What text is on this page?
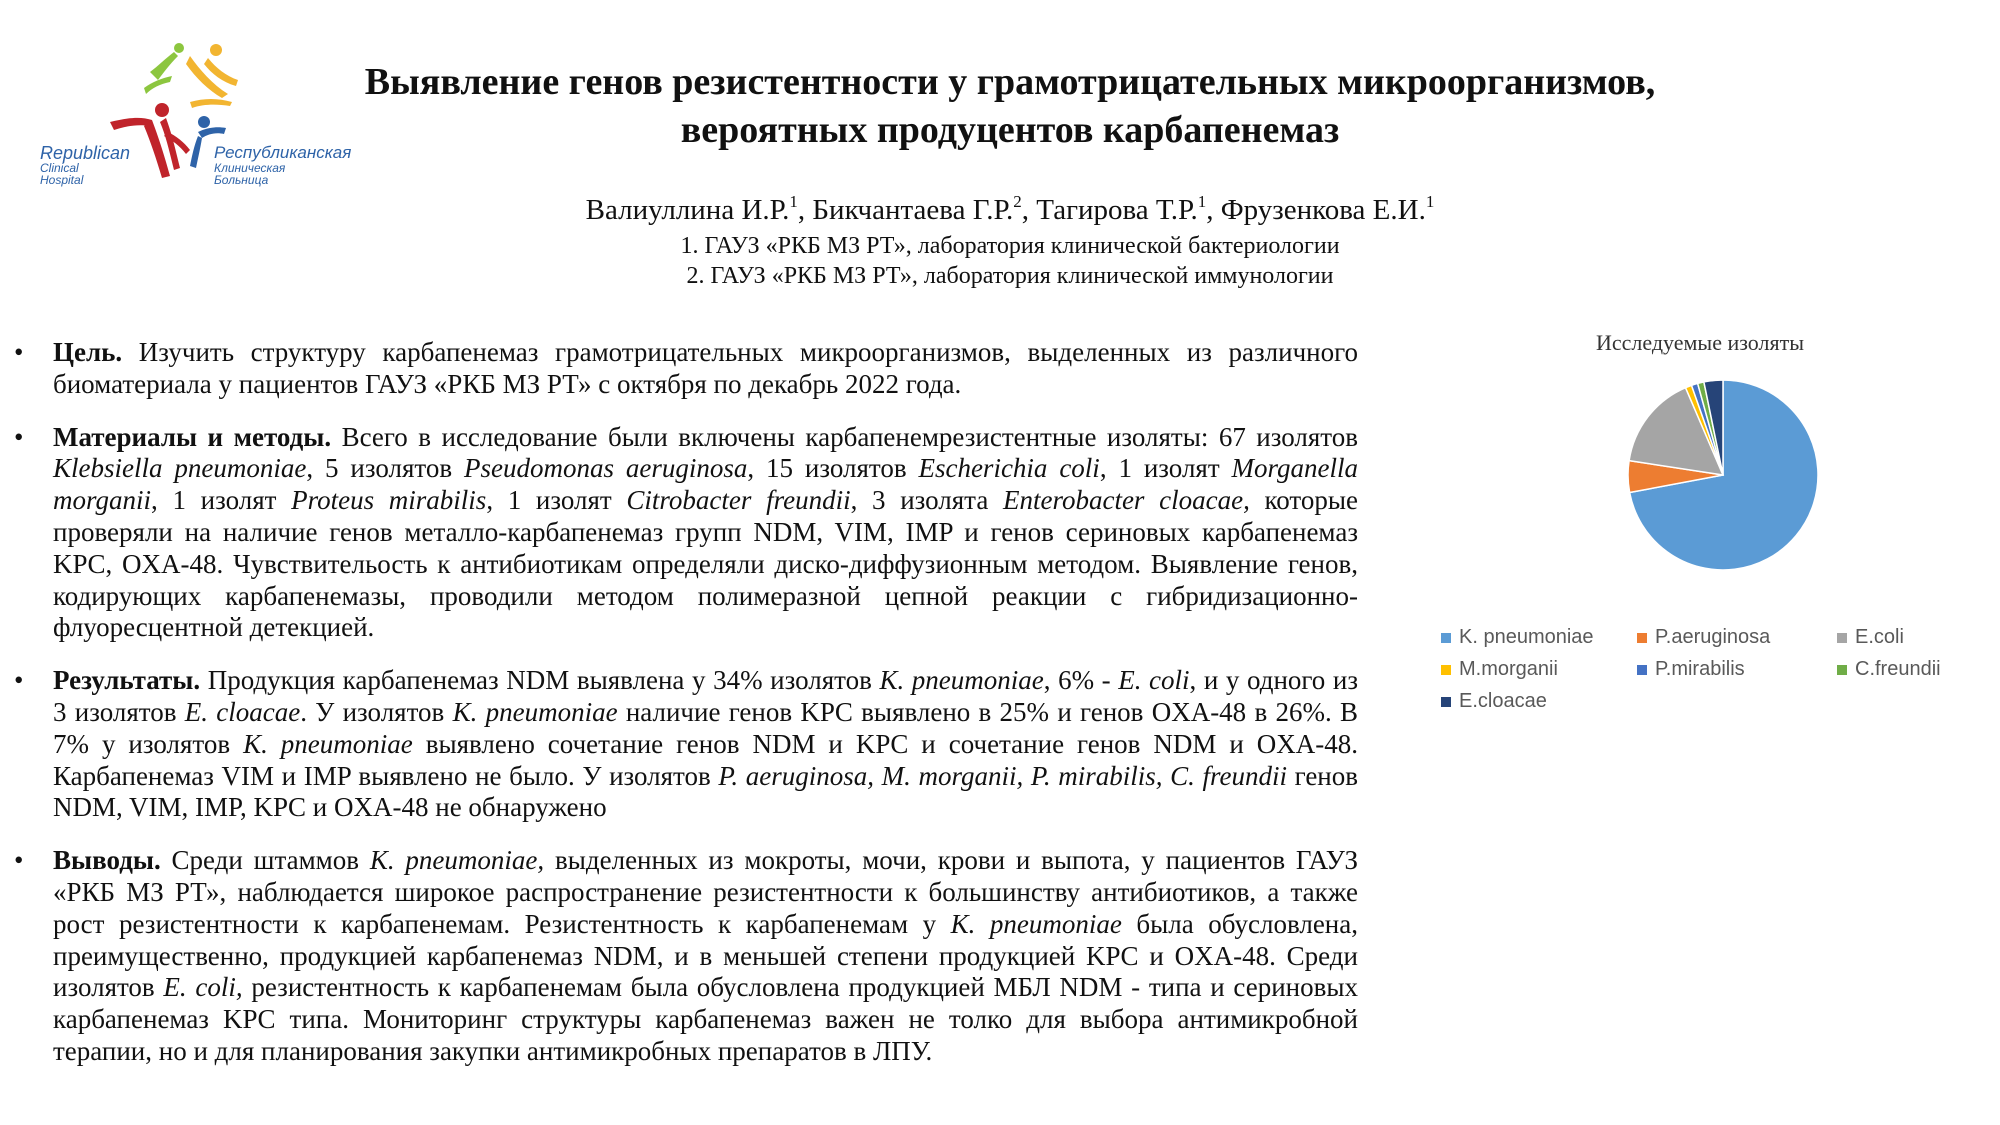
Republican
Clinical
Hospital
Республиканская
Клиническая
Больница
Выявление генов резистентности у грамотрицательных микроорганизмов,
вероятных продуцентов карбапенемаз
Валиуллина И.Р.$^1$, Бикчантаева Г.Р.$^2$, Тагирова Т.Р.$^1$, Фрузенкова Е.И.$^1$
1. ГАУЗ «РКБ МЗ РТ», лаборатория клинической бактериологии
2. ГАУЗ «РКБ МЗ РТ», лаборатория клинической иммунологии
• Цель. Изучить структуру карбапенемаз грамотрицательных микроорганизмов, выделенных из различного биоматериала у пациентов ГАУЗ «РКБ МЗ РТ» с октября по декабрь 2022 года.
• Материалы и методы. Всего в исследование были включены карбапенемрезистентные изоляты: 67 изолятов Klebsiella pneumoniae, 5 изолятов Pseudomonas aeruginosa, 15 изолятов Escherichia coli, 1 изолят Morganella morganii, 1 изолят Proteus mirabilis, 1 изолят Citrobacter freundii, 3 изолята Enterobacter cloacae, которые проверяли на наличие генов металло-карбапенемаз групп NDM, VIM, IMP и генов сериновых карбапенемаз KPC, OXA-48. Чувствительость к антибиотикам определяли диско-диффузионным методом. Выявление генов, кодирующих карбапенемазы, проводили методом полимеразной цепной реакции с гибридизационно-флуоресцентной детекцией.
• Результаты. Продукция карбапенемаз NDM выявлена у 34% изолятов K. pneumoniae, 6% - E. coli, и у одного из 3 изолятов E. cloacae. У изолятов K. pneumoniae наличие генов KPC выявлено в 25% и генов OXA-48 в 26%. В 7% у изолятов K. pneumoniae выявлено сочетание генов NDM и KPC и сочетание генов NDM и OXA-48. Карбапенемаз VIM и IMP выявлено не было. У изолятов P. aeruginosa, M. morganii, P. mirabilis, C. freundii генов NDM, VIM, IMP, KPC и OXA-48 не обнаружено
• Выводы. Среди штаммов K. pneumoniae, выделенных из мокроты, мочи, крови и выпота, у пациентов ГАУЗ «РКБ МЗ РТ», наблюдается широкое распространение резистентности к большинству антибиотиков, а также рост резистентности к карбапенемам. Резистентность к карбапенемам у K. pneumoniae была обусловлена, преимущественно, продукцией карбапенемаз NDM, и в меньшей степени продукцией KPC и OXA-48. Среди изолятов E. coli, резистентность к карбапенемам была обусловлена продукцией МБЛ NDM - типа и сериновых карбапенемаз KPC типа. Мониторинг структуры карбапенемаз важен не толко для выбора антимикробной терапии, но и для планирования закупки антимикробных препаратов в ЛПУ.
Исследуемые изоляты
K. pneumoniae	P.aeruginosa	E.coli
M.morganii	P.mirabilis	C.freundii
E.cloacae
